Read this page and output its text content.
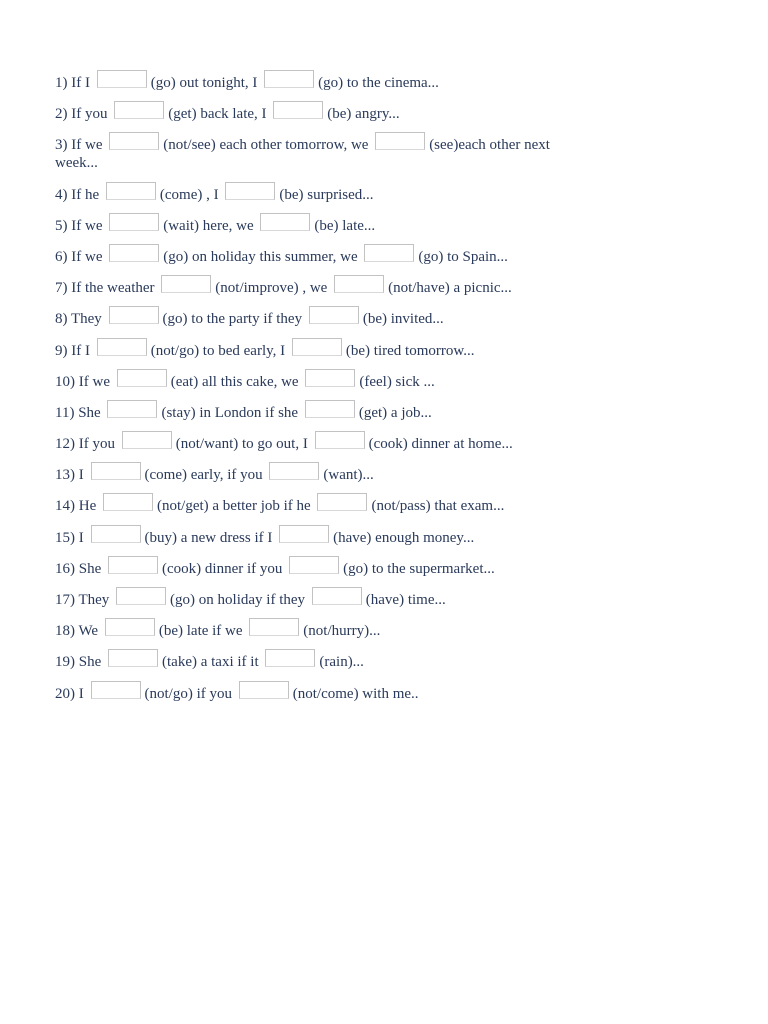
1) If I	(go) out tonight, I	(go) to the cinema...
2) If you	(get) back late, I	(be) angry...
3) If we	(not/see) each other tomorrow, we	(see)each other next week...
4) If he	(come) , I	(be) surprised...
5) If we	(wait) here, we	(be) late...
6) If we	(go) on holiday this summer, we	(go) to Spain...
7) If the weather	(not/improve) , we	(not/have) a picnic...
8) They	(go) to the party if they	(be) invited...
9) If I	(not/go) to bed early, I	(be) tired tomorrow...
10) If we	(eat) all this cake, we	(feel) sick ...
11) She	(stay) in London if she	(get) a job...
12) If you	(not/want) to go out, I	(cook) dinner at home...
13) I	(come) early, if you	(want)...
14) He	(not/get) a better job if he	(not/pass) that exam...
15) I	(buy) a new dress if I	(have) enough money...
16) She	(cook) dinner if you	(go) to the supermarket...
17) They	(go) on holiday if they	(have) time...
18) We	(be) late if we	(not/hurry)...
19) She	(take) a taxi if it	(rain)...
20) I	(not/go) if you	(not/come) with me..
